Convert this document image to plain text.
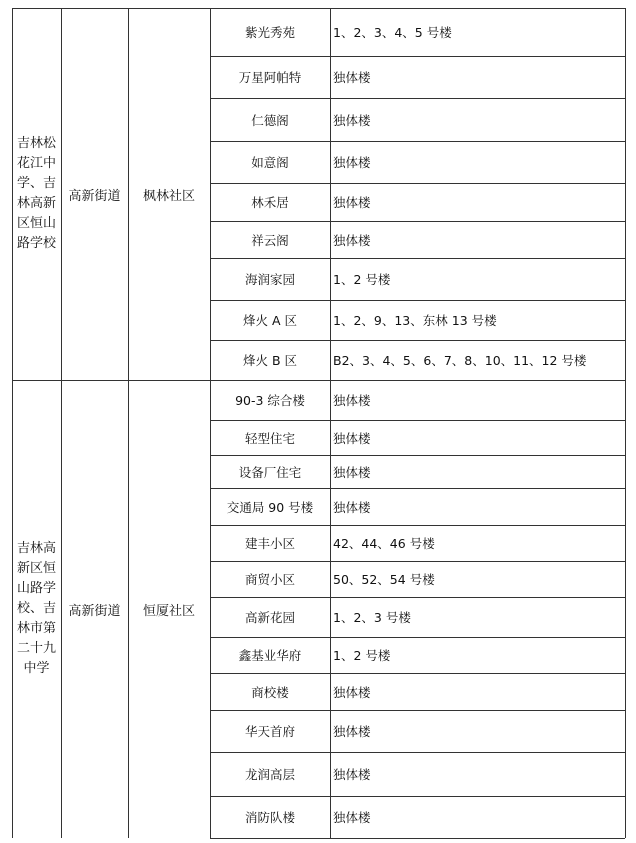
吉林松
花江中
学、吉
林高新
区恒山
路学校
高新街道 枫林社区
紫光秀苑	1、2、3、4、5 号楼
万星阿帕特	独体楼
仁德阁	独体楼
如意阁	独体楼
林禾居	独体楼
祥云阁	独体楼
海润家园	1、2 号楼
烽火 A 区	1、2、9、13、东林 13 号楼
烽火 B 区	B2、3、4、5、6、7、8、10、11、12 号楼
吉林高
新区恒
山路学
校、吉
林市第
二十九
中学
高新街道 恒厦社区
90-3 综合楼 独体楼
轻型住宅	独体楼
设备厂住宅	独体楼
交通局 90 号楼 独体楼
建丰小区	42、44、46 号楼
商贸小区	50、52、54 号楼
高新花园	1、2、3 号楼
鑫基业华府	1、2 号楼
商校楼	独体楼
华天首府	独体楼
龙润高层	独体楼
消防队楼	独体楼
